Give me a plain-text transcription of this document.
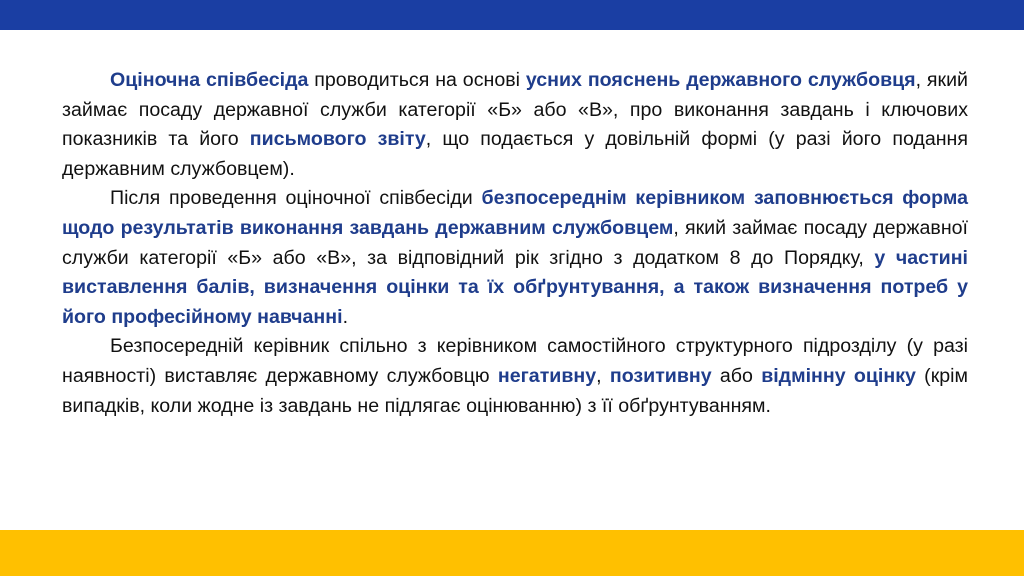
Оціночна співбесіда проводиться на основі усних пояснень державного службовця, який займає посаду державної служби категорії «Б» або «В», про виконання завдань і ключових показників та його письмового звіту, що подається у довільній формі (у разі його подання державним службовцем).

Після проведення оціночної співбесіди безпосереднім керівником заповнюється форма щодо результатів виконання завдань державним службовцем, який займає посаду державної служби категорії «Б» або «В», за відповідний рік згідно з додатком 8 до Порядку, у частині виставлення балів, визначення оцінки та їх обґрунтування, а також визначення потреб у його професійному навчанні.

Безпосередній керівник спільно з керівником самостійного структурного підрозділу (у разі наявності) виставляє державному службовцю негативну, позитивну або відмінну оцінку (крім випадків, коли жодне із завдань не підлягає оцінюванню) з її обґрунтуванням.
